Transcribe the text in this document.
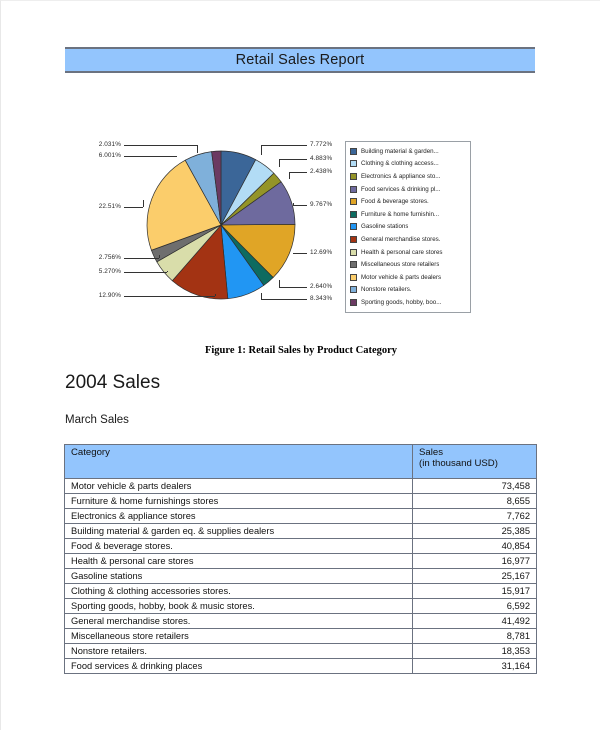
Retail Sales Report
2.031%
6.001%
22.51%
2.756%
5.270%
12.90%
7.772%
4.883%
2.438%
9.767%
12.69%
2.640%
8.343%
Building material & garden...
Clothing & clothing access...
Electronics & appliance sto...
Food services & drinking pl...
Food & beverage stores.
Furniture & home furnishin...
Gasoline stations
General merchandise stores.
Health & personal care stores
Miscellaneous store retailers
Motor vehicle & parts dealers
Nonstore retailers.
Sporting goods, hobby, boo...
Figure 1: Retail Sales by Product Category
2004 Sales
March Sales
Category	Sales
(in thousand USD)

Motor vehicle & parts dealers	73,458
Furniture & home furnishings stores	8,655
Electronics & appliance stores	7,762
Building material & garden eq. & supplies dealers	25,385
Food & beverage stores.	40,854
Health & personal care stores	16,977
Gasoline stations	25,167
Clothing & clothing accessories stores.	15,917
Sporting goods, hobby, book & music stores.	6,592
General merchandise stores.	41,492
Miscellaneous store retailers	8,781
Nonstore retailers.	18,353
Food services & drinking places	31,164
